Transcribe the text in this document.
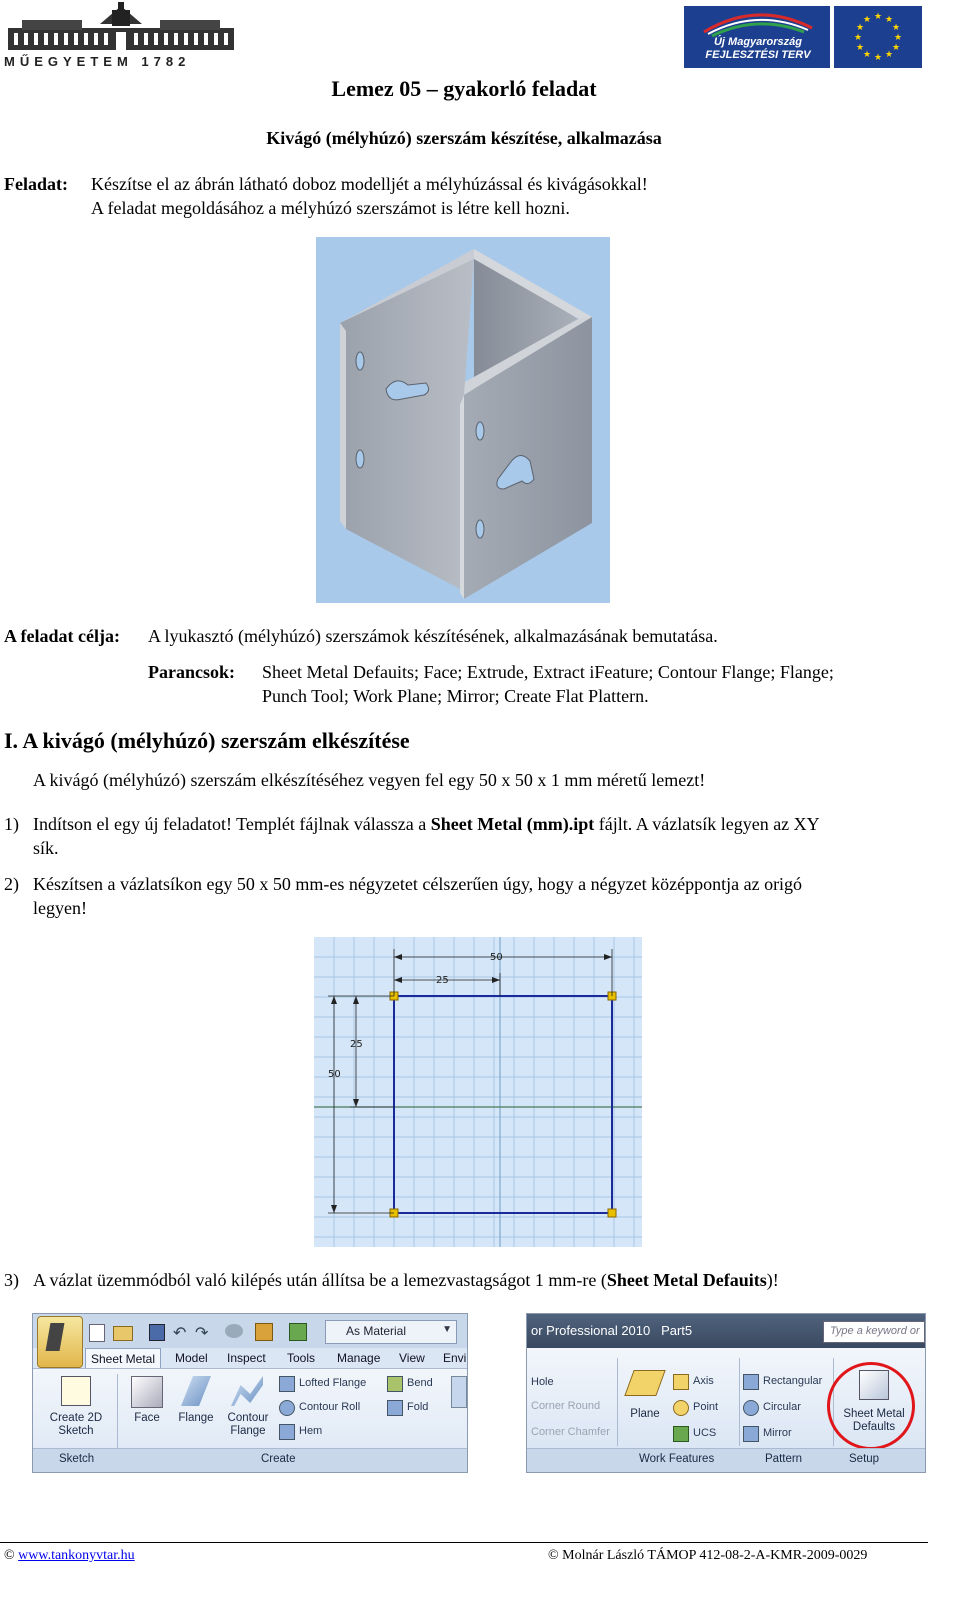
MŰEGYETEM 1782
Új Magyarország FEJLESZTÉSI TERV
★ ★
★
★
★
★
★
★
★
★
★
★
Lemez 05 – gyakorló feladat
Kivágó (mélyhúzó) szerszám készítése, alkalmazása
Feladat: Készítse el az ábrán látható doboz modelljét a mélyhúzással és kivágásokkal!
A feladat megoldásához a mélyhúzó szerszámot is létre kell hozni.
A feladat célja: A lyukasztó (mélyhúzó) szerszámok készítésének, alkalmazásának bemutatása.
Parancsok: Sheet Metal Defauits; Face; Extrude, Extract iFeature; Contour Flange; Flange;
Punch Tool; Work Plane; Mirror; Create Flat Plattern.
I. A kivágó (mélyhúzó) szerszám elkészítése
A kivágó (mélyhúzó) szerszám elkészítéséhez vegyen fel egy 50 x 50 x 1 mm méretű lemezt!
1) Indítson el egy új feladatot! Templét fájlnak válassza a Sheet Metal (mm).ipt fájlt. A vázlatsík legyen az XY
sík.
2) Készítsen a vázlatsíkon egy 50 x 50 mm-es négyzetet célszerűen úgy, hogy a négyzet középpontja az origó
legyen!
50
25
25
50
3) A vázlat üzemmódból való kilépés után állítsa be a lemezvastagságot 1 mm-re (Sheet Metal Defauits)!
↶ ↷	As Material	▼
Sheet Metal	Model Inspect Tools Manage View Envi
Create 2D Sketch
Face	Flange	Contour Flange
Lofted Flange
Contour Roll
Hem
Bend
Fold
Sketch	Create
or Professional 2010   Part5	Type a keyword or
Hole
Corner Round
Corner Chamfer
Plane
Axis
Point
UCS
Rectangular
Circular
Mirror
Sheet Metal Defaults
Work Features	Pattern	Setup
© www.tankonyvtar.hu	© Molnár László TÁMOP 412-08-2-A-KMR-2009-0029
